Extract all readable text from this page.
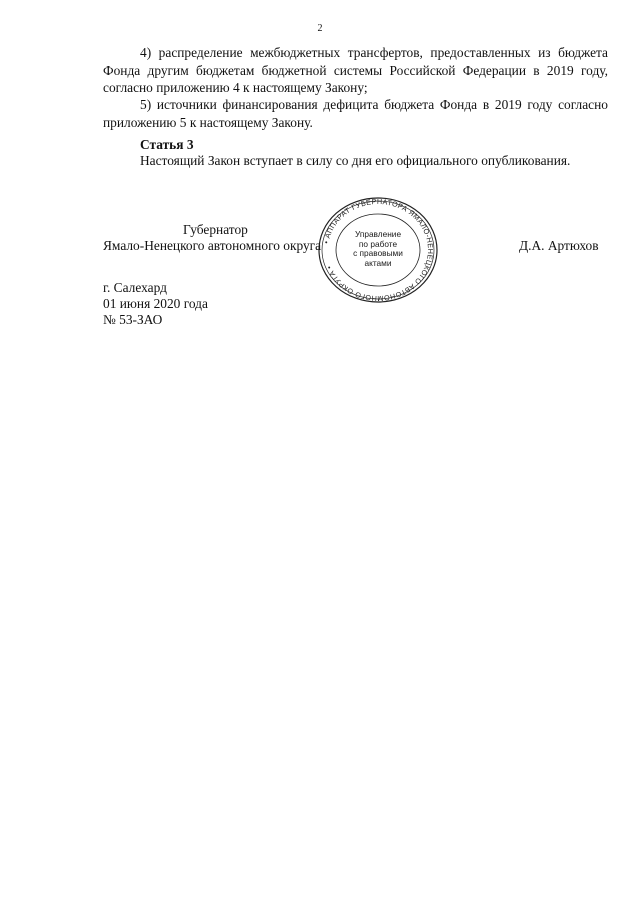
2

4) распределение межбюджетных трансфертов, предоставленных из бюджета Фонда другим бюджетам бюджетной системы Российской Федерации в 2019 году, согласно приложению 4 к настоящему Закону;

5) источники финансирования дефицита бюджета Фонда в 2019 году согласно приложению 5 к настоящему Закону.

Статья 3

Настоящий Закон вступает в силу со дня его официального опубликования.

Губернатор
Ямало-Ненецкого автономного округа	Д.А. Артюхов
• АППАРАТ ГУБЕРНАТОРА ЯМАЛО-НЕНЕЦКОГО АВТОНОМНОГО ОКРУГА •
Управление
по работе
с правовыми
актами
г. Салехард
01 июня 2020 года
№ 53-ЗАО
